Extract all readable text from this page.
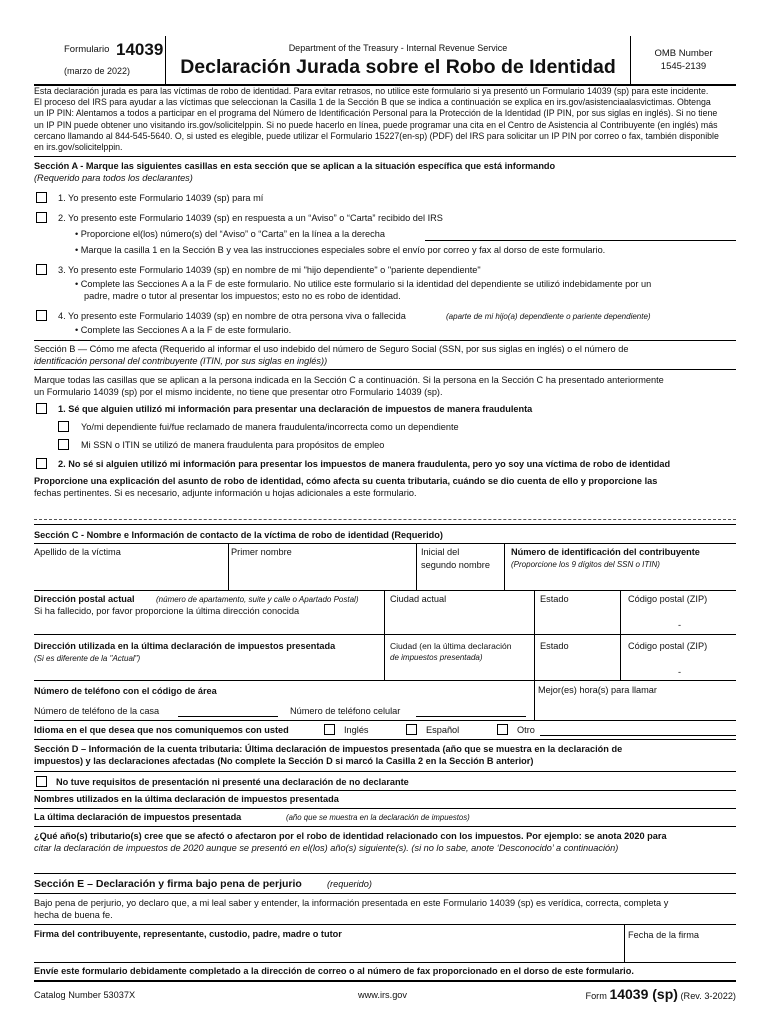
Formulario 14039
(marzo de 2022)
Department of the Treasury - Internal Revenue Service
Declaración Jurada sobre el Robo de Identidad
OMB Number
1545-2139
Esta declaración jurada es para las víctimas de robo de identidad. Para evitar retrasos, no utilice este formulario si ya presentó un Formulario 14039 (sp) para este incidente.
El proceso del IRS para ayudar a las víctimas que seleccionan la Casilla 1 de la Sección B que se indica a continuación se explica en irs.gov/asistenciaalasvictimas. Obtenga
un IP PIN: Alentamos a todos a participar en el programa del Número de Identificación Personal para la Protección de la Identidad (IP PIN, por sus siglas en inglés). Si no tiene
un IP PIN puede obtener uno visitando irs.gov/solicitelppin. Si no puede hacerlo en línea, puede programar una cita en el Centro de Asistencia al Contribuyente (en inglés) más
cercano llamando al 844-545-5640. O, si usted es elegible, puede utilizar el Formulario 15227(en-sp) (PDF) del IRS para solicitar un IP PIN por correo o fax, también disponible
en irs.gov/solicitelppin.
Sección A - Marque las siguientes casillas en esta sección que se aplican a la situación específica que está informando
(Requerido para todos los declarantes)
1. Yo presento este Formulario 14039 (sp) para mí
2. Yo presento este Formulario 14039 (sp) en respuesta a un “Aviso” o “Carta” recibido del IRS
• Proporcione el(los) número(s) del “Aviso” o “Carta” en la línea a la derecha
• Marque la casilla 1 en la Sección B y vea las instrucciones especiales sobre el envío por correo y fax al dorso de este formulario.
3. Yo presento este Formulario 14039 (sp) en nombre de mi "hijo dependiente" o "pariente dependiente"
• Complete las Secciones A a la F de este formulario. No utilice este formulario si la identidad del dependiente se utilizó indebidamente por un
padre, madre o tutor al presentar los impuestos; esto no es robo de identidad.
4. Yo presento este Formulario 14039 (sp) en nombre de otra persona viva o fallecida	(aparte de mi hijo(a) dependiente o pariente dependiente)
• Complete las Secciones A a la F de este formulario.
Sección B — Cómo me afecta (Requerido al informar el uso indebido del número de Seguro Social (SSN, por sus siglas en inglés) o el número de
identificación personal del contribuyente (ITIN, por sus siglas en inglés))
Marque todas las casillas que se aplican a la persona indicada en la Sección C a continuación. Si la persona en la Sección C ha presentado anteriormente
un Formulario 14039 (sp) por el mismo incidente, no tiene que presentar otro Formulario 14039 (sp).
1. Sé que alguien utilizó mi información para presentar una declaración de impuestos de manera fraudulenta
Yo/mi dependiente fui/fue reclamado de manera fraudulenta/incorrecta como un dependiente
Mi SSN o ITIN se utilizó de manera fraudulenta para propósitos de empleo
2. No sé si alguien utilizó mi información para presentar los impuestos de manera fraudulenta, pero yo soy una víctima de robo de identidad
Proporcione una explicación del asunto de robo de identidad, cómo afecta su cuenta tributaria, cuándo se dio cuenta de ello y proporcione las
fechas pertinentes. Si es necesario, adjunte información u hojas adicionales a este formulario.
Sección C - Nombre e Información de contacto de la víctima de robo de identidad (Requerido)
Apellido de la víctima	Primer nombre	Inicial del
segundo nombre
Número de identificación del contribuyente
(Proporcione los 9 dígitos del SSN o ITIN)
Dirección postal actual	(número de apartamento, suite y calle o Apartado Postal)
Si ha fallecido, por favor proporcione la última dirección conocida
Ciudad actual	Estado	Código postal (ZIP)
-
Dirección utilizada en la última declaración de impuestos presentada
(Si es diferente de la "Actual")
Ciudad (en la última declaración
de impuestos presentada)
Estado	Código postal (ZIP)
-
Número de teléfono con el código de área	Mejor(es) hora(s) para llamar
Número de teléfono de la casa	Número de teléfono celular
Idioma en el que desea que nos comuniquemos con usted	Inglés	Español	Otro
Sección D – Información de la cuenta tributaria: Última declaración de impuestos presentada (año que se muestra en la declaración de
impuestos) y las declaraciones afectadas (No complete la Sección D si marcó la Casilla 2 en la Sección B anterior)
No tuve requisitos de presentación ni presenté una declaración de no declarante
Nombres utilizados en la última declaración de impuestos presentada
La última declaración de impuestos presentada	(año que se muestra en la declaración de impuestos)
¿Qué año(s) tributario(s) cree que se afectó o afectaron por el robo de identidad relacionado con los impuestos. Por ejemplo: se anota 2020 para
citar la declaración de impuestos de 2020 aunque se presentó en el(los) año(s) siguiente(s). (si no lo sabe, anote ‘Desconocido’ a continuación)
Sección E – Declaración y firma bajo pena de perjurio	(requerido)
Bajo pena de perjurio, yo declaro que, a mi leal saber y entender, la información presentada en este Formulario 14039 (sp) es verídica, correcta, completa y
hecha de buena fe.
Firma del contribuyente, representante, custodio, padre, madre o tutor	Fecha de la firma
Envíe este formulario debidamente completado a la dirección de correo o al número de fax proporcionado en el dorso de este formulario.
Catalog Number 53037X	www.irs.gov	Form 14039 (sp) (Rev. 3-2022)
